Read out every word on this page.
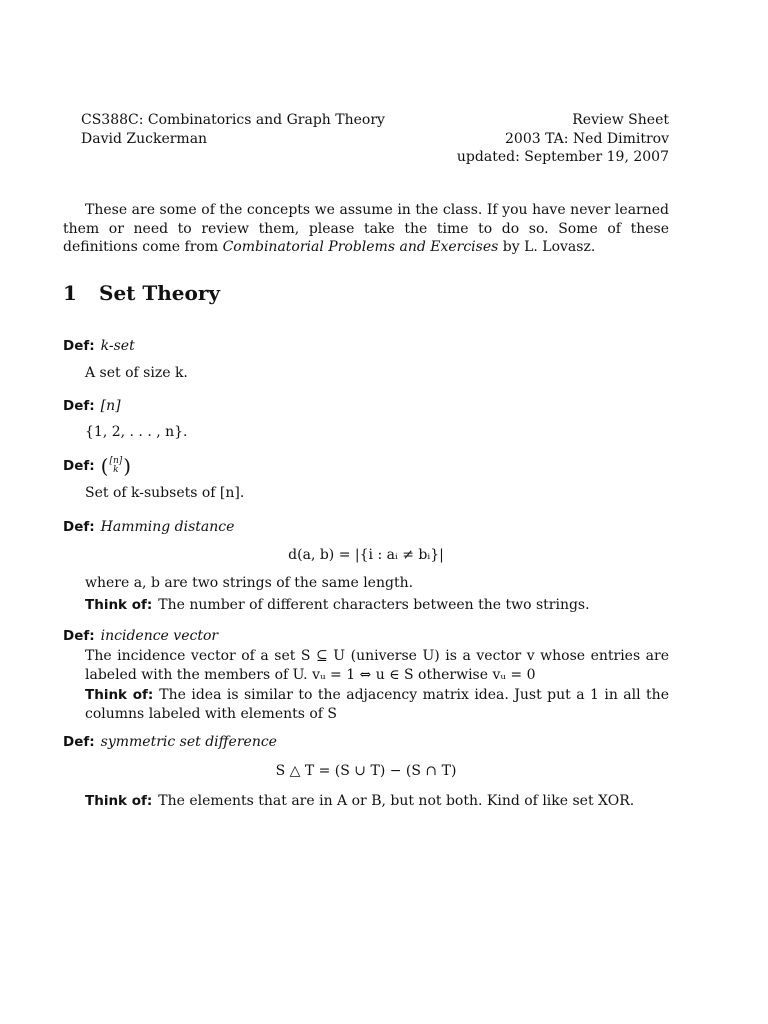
CS388C: Combinatorics and Graph Theory
David Zuckerman
Review Sheet
2003 TA: Ned Dimitrov
updated: September 19, 2007
These are some of the concepts we assume in the class. If you have never learned them or need to review them, please take the time to do so. Some of these definitions come from Combinatorial Problems and Exercises by L. Lovasz.
1 Set Theory
Def: k-set
A set of size k.
Def: [n]
{1, 2, . . . , n}.
Def: ( [n]
k )
Set of k-subsets of [n].
Def: Hamming distance
d(a, b) = |{i : aᵢ ≠ bᵢ}|
where a, b are two strings of the same length.
Think of: The number of different characters between the two strings.
Def: incidence vector
The incidence vector of a set S ⊆ U (universe U) is a vector v whose entries are labeled with the members of U. vᵤ = 1 ⇔ u ∈ S otherwise vᵤ = 0
Think of: The idea is similar to the adjacency matrix idea. Just put a 1 in all the columns labeled with elements of S
Def: symmetric set difference
S △ T = (S ∪ T) − (S ∩ T)
Think of: The elements that are in A or B, but not both. Kind of like set XOR.
